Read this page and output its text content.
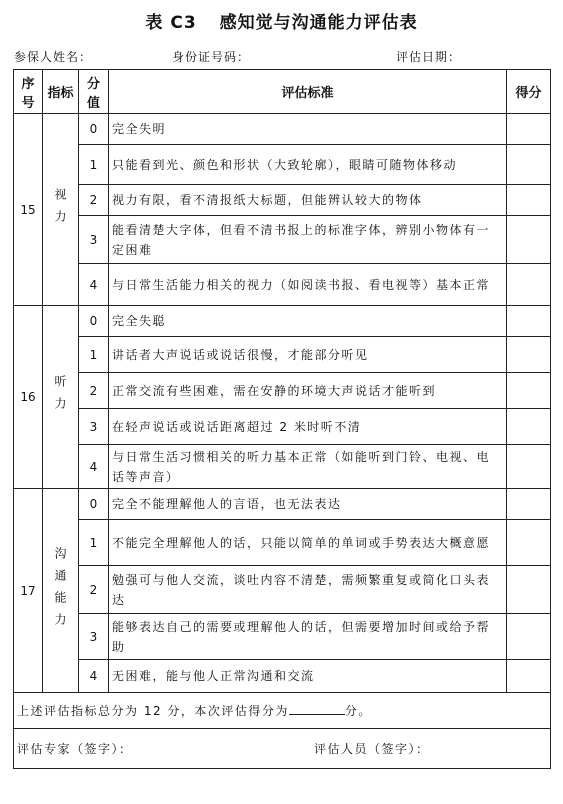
表 C3 感知觉与沟通能力评估表
参保人姓名：	身份证号码：	评估日期：
序号	指标	分值	评估标准	得分
15	视力	0	完全失明	
		1	只能看到光、颜色和形状（大致轮廓），眼睛可随物体移动	
		2	视力有限，看不清报纸大标题，但能辨认较大的物体	
		3	能看清楚大字体，但看不清书报上的标准字体，辨别小物体有一定困难	
		4	与日常生活能力相关的视力（如阅读书报、看电视等）基本正常	
16	听力	0	完全失聪	
		1	讲话者大声说话或说话很慢，才能部分听见	
		2	正常交流有些困难，需在安静的环境大声说话才能听到	
		3	在轻声说话或说话距离超过 2 米时听不清	
		4	与日常生活习惯相关的听力基本正常（如能听到门铃、电视、电话等声音）	
17	沟通能力	0	完全不能理解他人的言语，也无法表达	
		1	不能完全理解他人的话，只能以简单的单词或手势表达大概意愿	
		2	勉强可与他人交流，谈吐内容不清楚，需频繁重复或简化口头表达	
		3	能够表达自己的需要或理解他人的话，但需要增加时间或给予帮助	
		4	无困难，能与他人正常沟通和交流	
上述评估指标总分为 12 分，本次评估得分为 分。				
评估专家（签字）： 评估人员（签字）：				
